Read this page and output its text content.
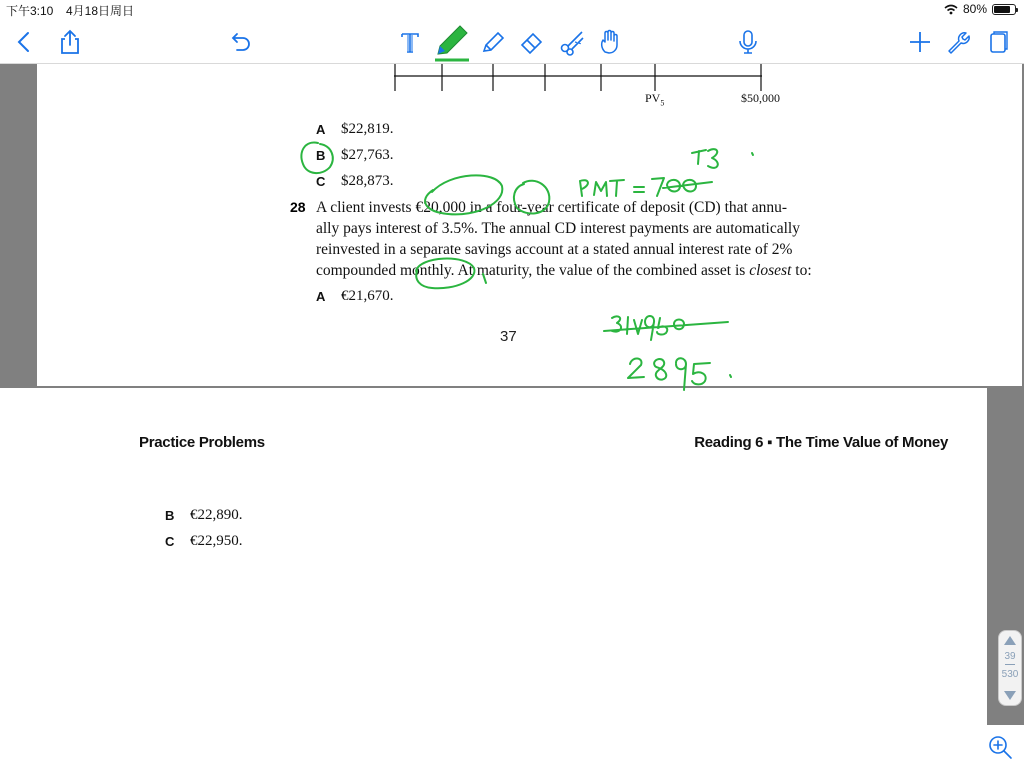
下午3:10 4月18日周日	80%
$PV_5$	$50,000
A $22,819.
B $27,763.
C $28,873.
28 A client invests €20,000 in a four-year certificate of deposit (CD) that annu-
ally pays interest of 3.5%. The annual CD interest payments are automatically
reinvested in a separate savings account at a stated annual interest rate of 2%
compounded monthly. At maturity, the value of the combined asset is closest to:
A €21,670.
37
Practice Problems	Reading 6 ▪ The Time Value of Money
B €22,890.
C €22,950.
39
530
